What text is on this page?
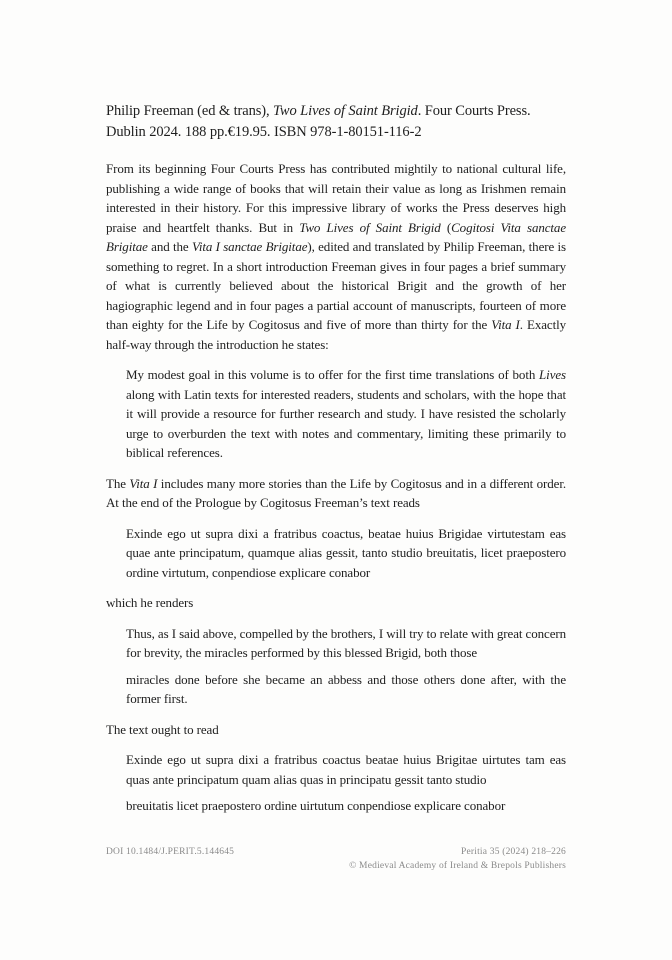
Philip Freeman (ed & trans), Two Lives of Saint Brigid. Four Courts Press. Dublin 2024. 188 pp.€19.95. ISBN 978-1-80151-116-2

From its beginning Four Courts Press has contributed mightily to national cultural life, publishing a wide range of books that will retain their value as long as Irishmen remain interested in their history. For this impressive library of works the Press deserves high praise and heartfelt thanks. But in Two Lives of Saint Brigid (Cogitosi Vita sanctae Brigitae and the Vita I sanctae Brigitae), edited and translated by Philip Freeman, there is something to regret. In a short introduction Freeman gives in four pages a brief summary of what is currently believed about the historical Brigit and the growth of her hagiographic legend and in four pages a partial account of manuscripts, fourteen of more than eighty for the Life by Cogitosus and five of more than thirty for the Vita I. Exactly half-way through the introduction he states:

My modest goal in this volume is to offer for the first time translations of both Lives along with Latin texts for interested readers, students and scholars, with the hope that it will provide a resource for further research and study. I have resisted the scholarly urge to overburden the text with notes and commentary, limiting these primarily to biblical references.

The Vita I includes many more stories than the Life by Cogitosus and in a different order. At the end of the Prologue by Cogitosus Freeman’s text reads

Exinde ego ut supra dixi a fratribus coactus, beatae huius Brigidae virtutestam eas quae ante principatum, quamque alias gessit, tanto studio breuitatis, licet praepostero ordine virtutum, conpendiose explicare conabor

which he renders

Thus, as I said above, compelled by the brothers, I will try to relate with great concern for brevity, the miracles performed by this blessed Brigid, both those

miracles done before she became an abbess and those others done after, with the former first.

The text ought to read

Exinde ego ut supra dixi a fratribus coactus beatae huius Brigitae uirtutes tam eas quas ante principatum quam alias quas in principatu gessit tanto studio

breuitatis licet praepostero ordine uirtutum conpendiose explicare conabor

DOI 10.1484/J.PERIT.5.144645	Peritia 35 (2024) 218–226
© Medieval Academy of Ireland & Brepols Publishers
